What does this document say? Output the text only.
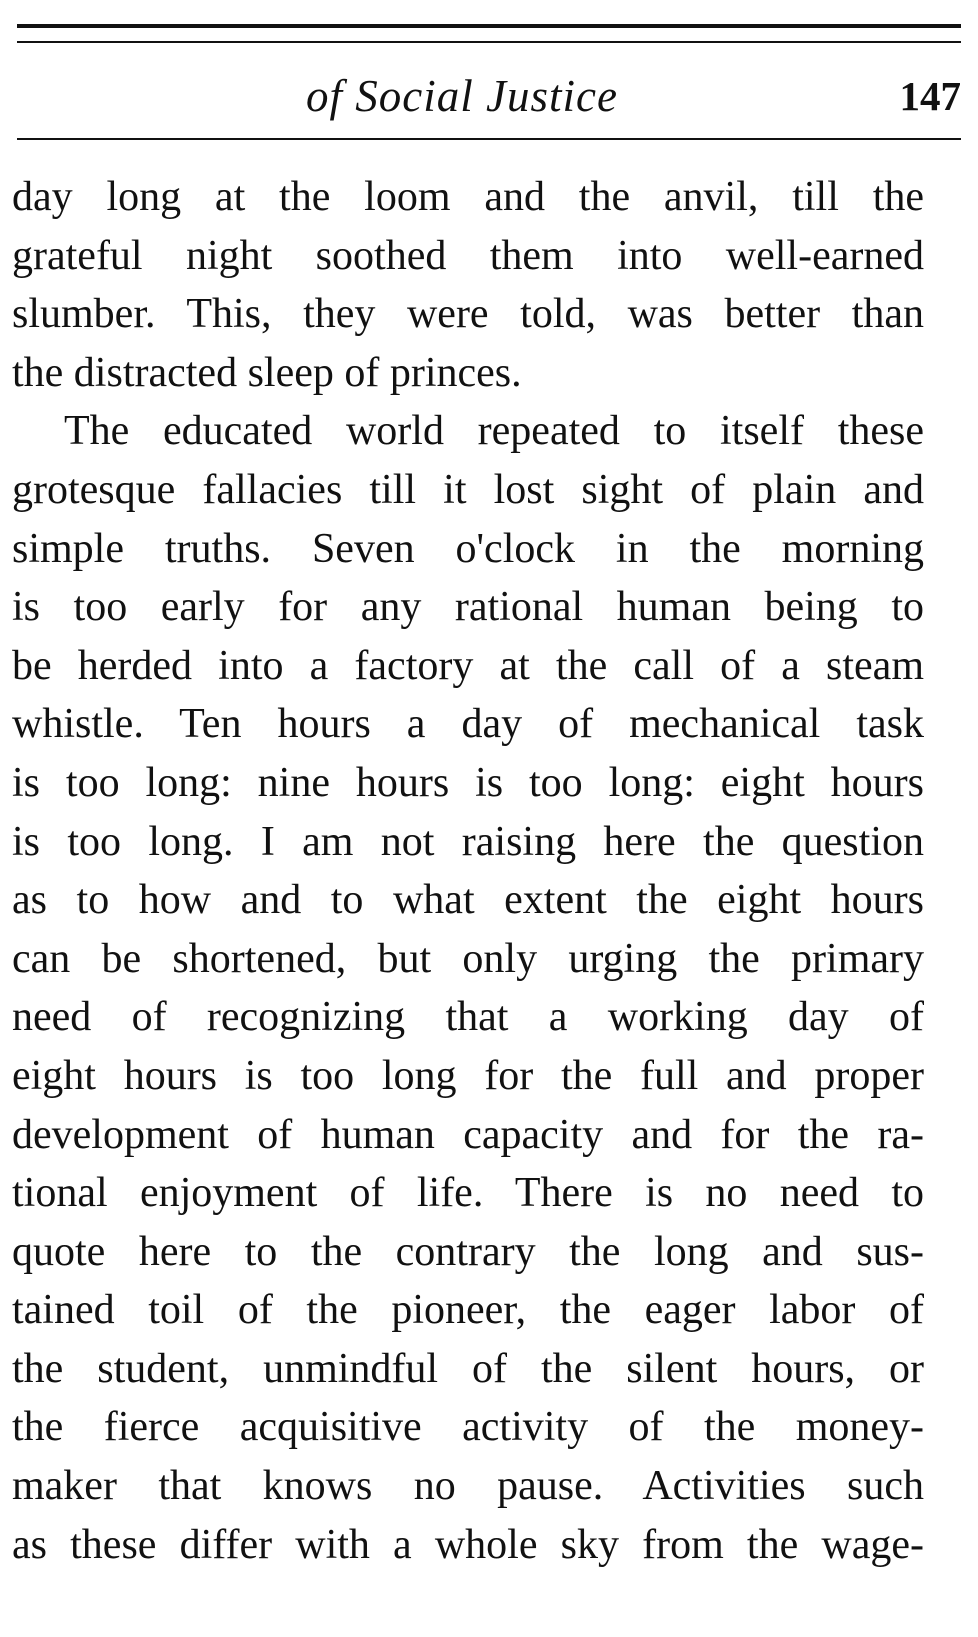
of Social Justice	147
day long at the loom and the anvil, till the
grateful night soothed them into well-earned
slumber. This, they were told, was better than
the distracted sleep of princes.
The educated world repeated to itself these
grotesque fallacies till it lost sight of plain and
simple truths. Seven o'clock in the morning
is too early for any rational human being to
be herded into a factory at the call of a steam
whistle. Ten hours a day of mechanical task
is too long: nine hours is too long: eight hours
is too long. I am not raising here the question
as to how and to what extent the eight hours
can be shortened, but only urging the primary
need of recognizing that a working day of
eight hours is too long for the full and proper
development of human capacity and for the ra-
tional enjoyment of life. There is no need to
quote here to the contrary the long and sus-
tained toil of the pioneer, the eager labor of
the student, unmindful of the silent hours, or
the fierce acquisitive activity of the money-
maker that knows no pause. Activities such
as these differ with a whole sky from the wage-
